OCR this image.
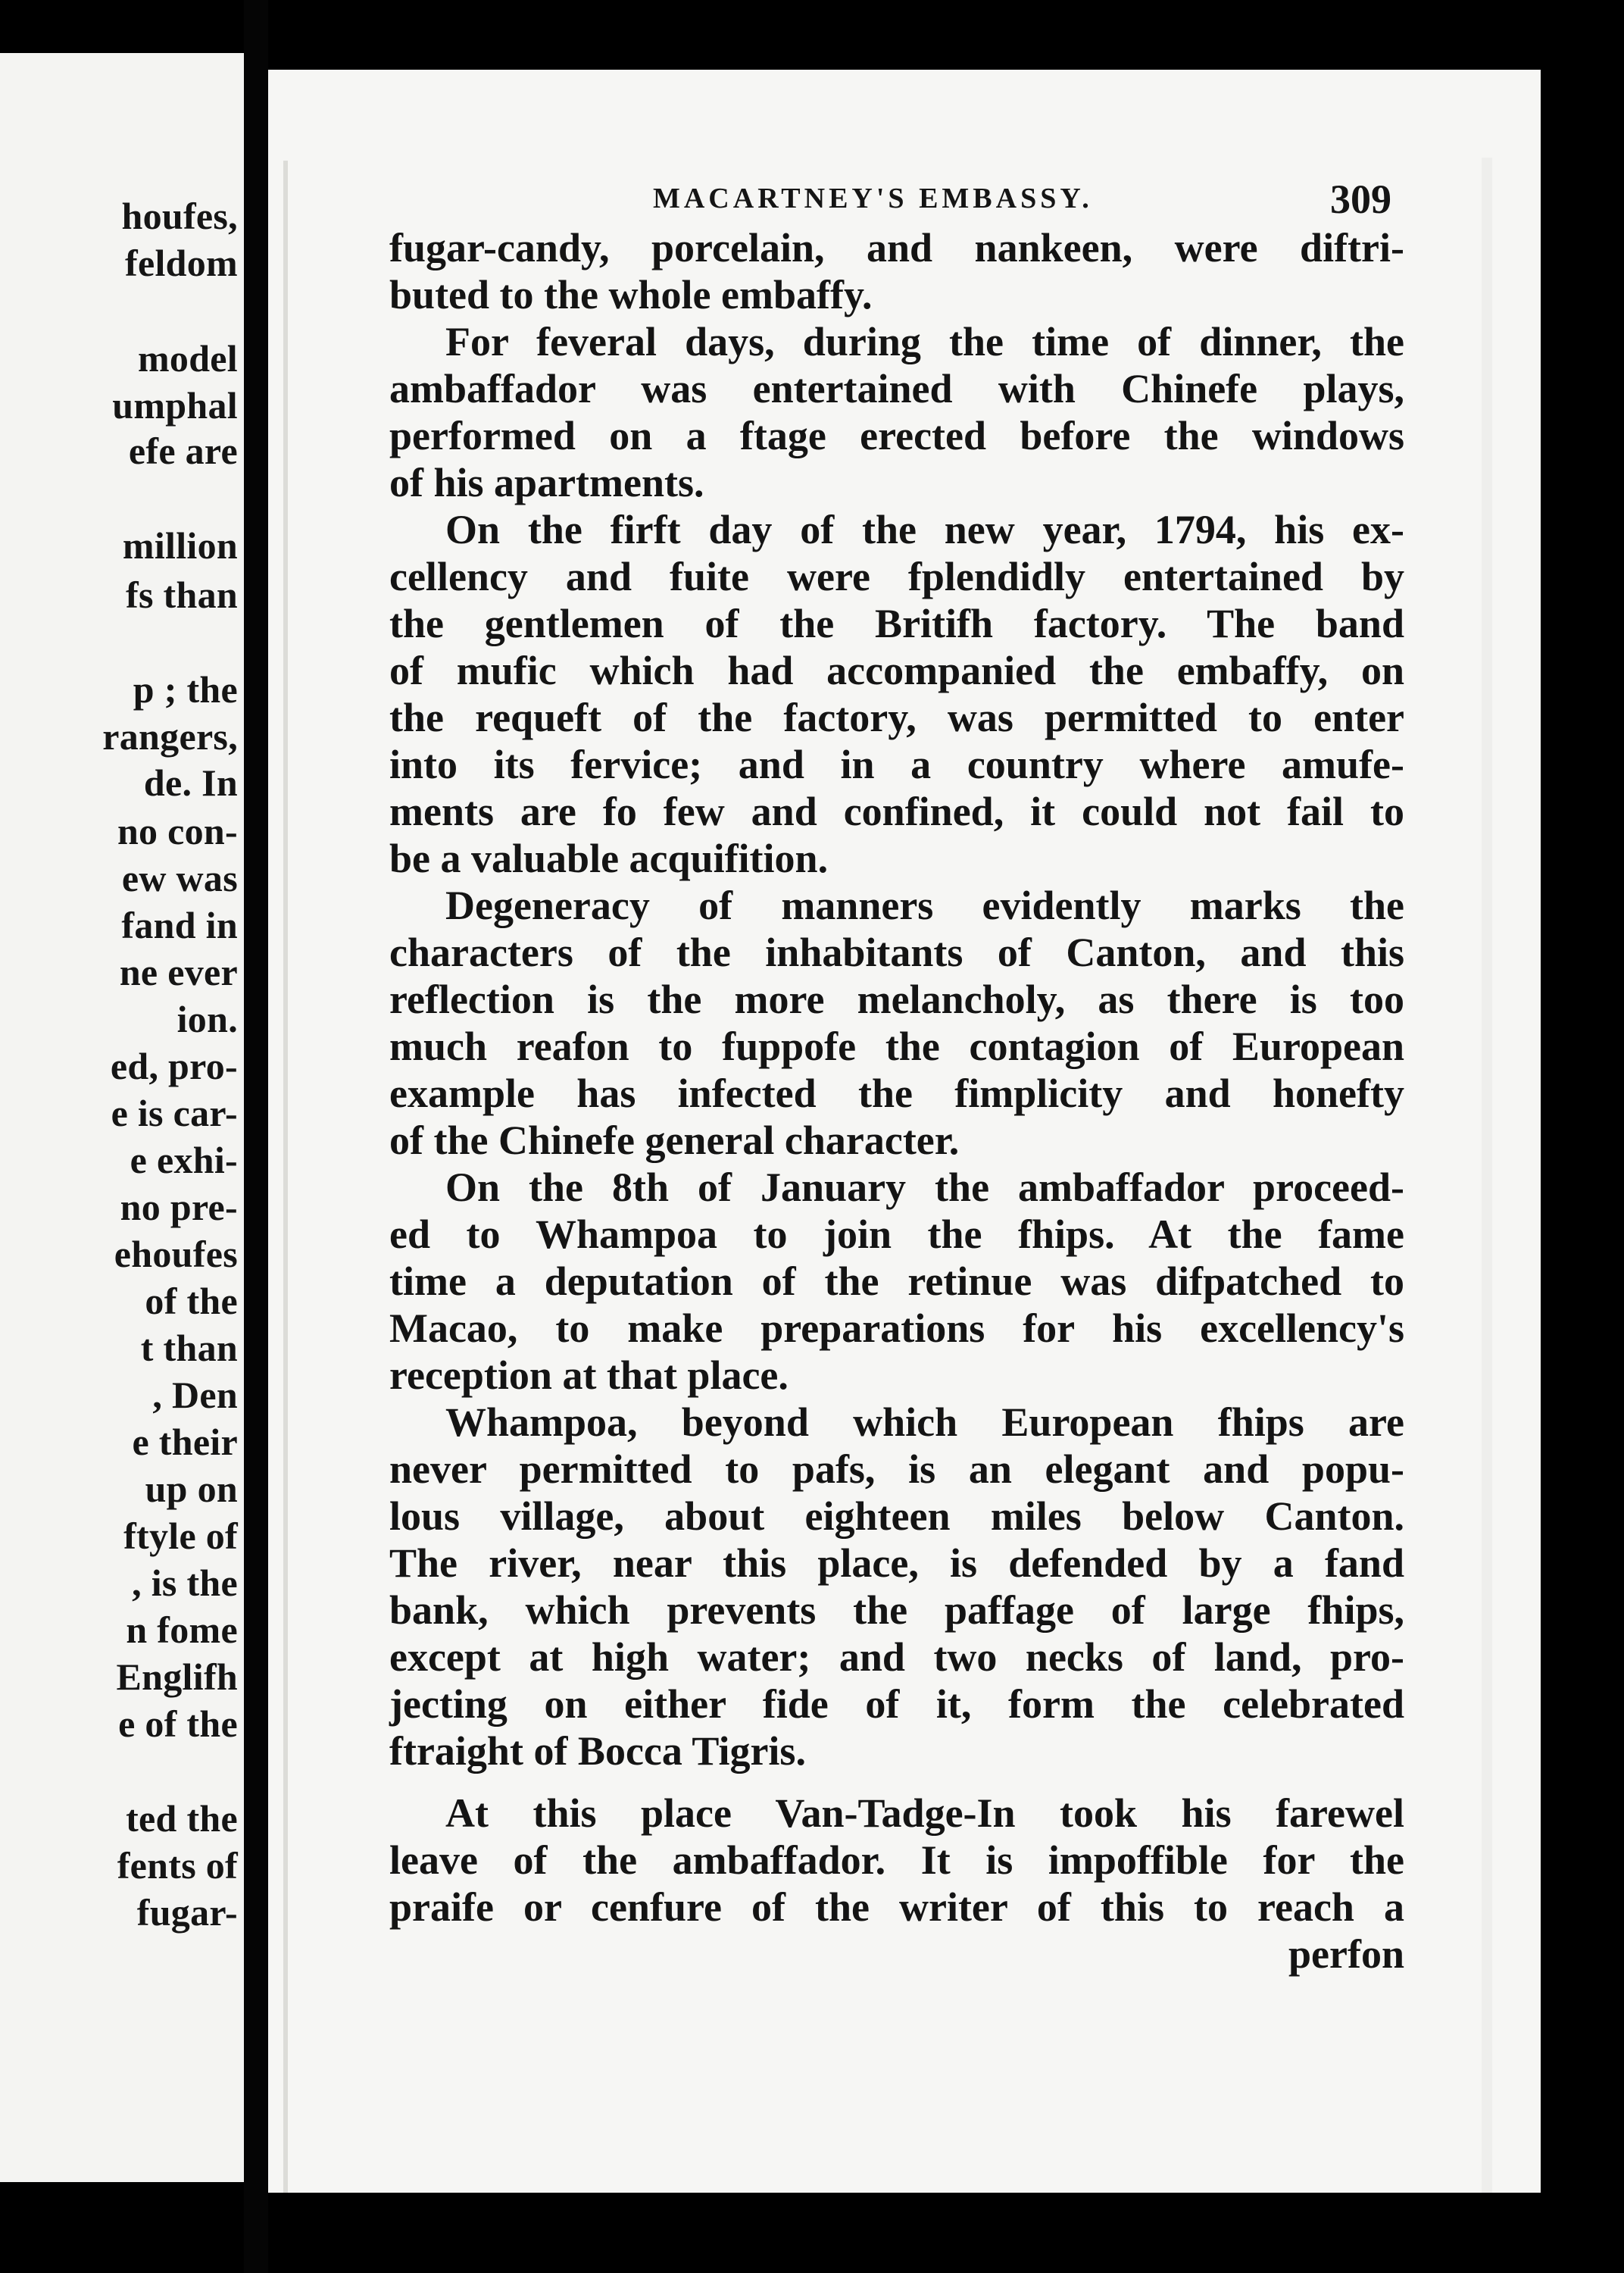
houfes,
feldom
model
umphal
efe are
million
fs than
p ; the
rangers,
de. In
no con-
ew was
fand in
ne ever
ion.
ed, pro-
e is car-
e exhi-
no pre-
ehoufes
of the
t than
, Den
e their
up on
ftyle of
, is the
n fome
Englifh
e of the
ted the
fents of
fugar-
MACARTNEY'S EMBASSY.	309
fugar-candy, porcelain, and nankeen, were diftri-
buted to the whole embaffy.
For feveral days, during the time of dinner, the
ambaffador was entertained with Chinefe plays,
performed on a ftage erected before the windows
of his apartments.
On the firft day of the new year, 1794, his ex-
cellency and fuite were fplendidly entertained by
the gentlemen of the Britifh factory. The band
of mufic which had accompanied the embaffy, on
the requeft of the factory, was permitted to enter
into its fervice; and in a country where amufe-
ments are fo few and confined, it could not fail to
be a valuable acquifition.
Degeneracy of manners evidently marks the
characters of the inhabitants of Canton, and this
reflection is the more melancholy, as there is too
much reafon to fuppofe the contagion of European
example has infected the fimplicity and honefty
of the Chinefe general character.
On the 8th of January the ambaffador proceed-
ed to Whampoa to join the fhips. At the fame
time a deputation of the retinue was difpatched to
Macao, to make preparations for his excellency's
reception at that place.
Whampoa, beyond which European fhips are
never permitted to pafs, is an elegant and popu-
lous village, about eighteen miles below Canton.
The river, near this place, is defended by a fand
bank, which prevents the paffage of large fhips,
except at high water; and two necks of land, pro-
jecting on either fide of it, form the celebrated
ftraight of Bocca Tigris.
At this place Van-Tadge-In took his farewel
leave of the ambaffador. It is impoffible for the
praife or cenfure of the writer of this to reach a
perfon
